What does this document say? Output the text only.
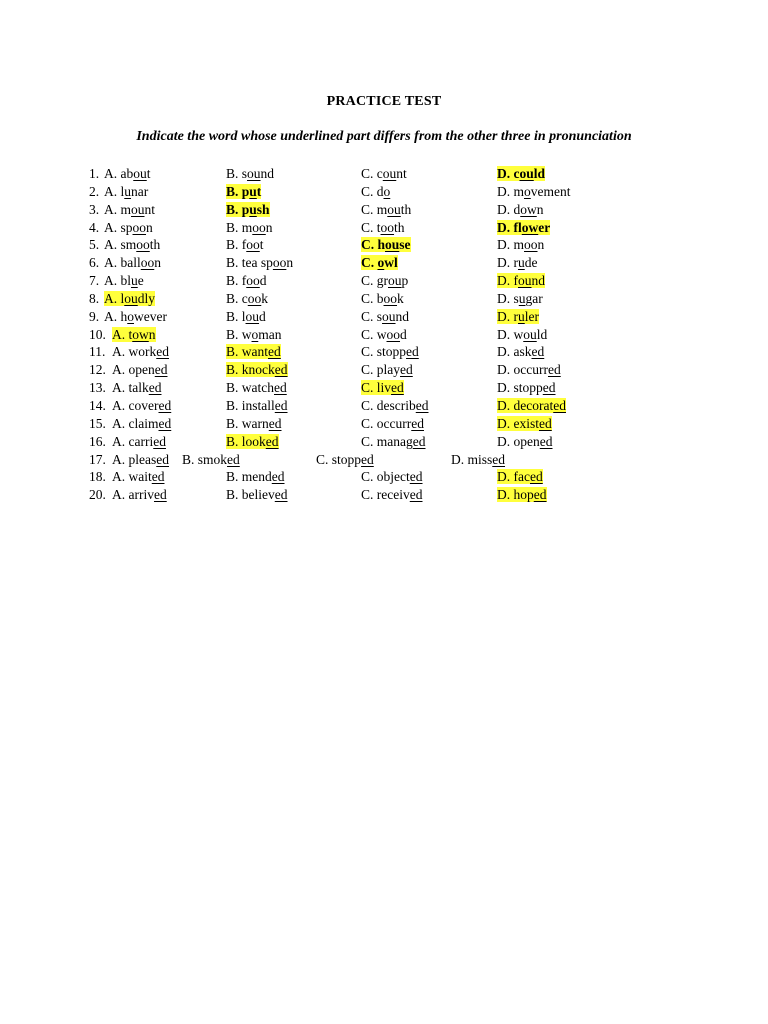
PRACTICE TEST
Indicate the word whose underlined part differs from the other three in pronunciation
1. A. about	B. sound	C. count	D. could
2. A. lunar	B. put	C. do	D. movement
3. A. mount	B. push	C. mouth	D. down
4. A. spoon	B. moon	C. tooth	D. flower
5. A. smooth	B. foot	C. house	D. moon
6. A. balloon	B. tea spoon	C. owl	D. rude
7. A. blue	B. food	C. group	D. found
8. A. loudly	B. cook	C. book	D. sugar
9. A. however	B. loud	C. sound	D. ruler
10. A. town	B. woman	C. wood	D. would
11. A. worked	B. wanted	C. stopped	D. asked
12. A. opened	B. knocked	C. played	D. occurred
13. A. talked	B. watched	C. lived	D. stopped
14. A. covered	B. installed	C. described	D. decorated
15. A. claimed	B. warned	C. occurred	D. existed
16. A. carried	B. looked	C. managed	D. opened
17. A. pleased B. smoked	C. stopped	D. missed
18. A. waited	B. mended	C. objected	D. faced
20. A. arrived	B. believed	C. received	D. hoped
